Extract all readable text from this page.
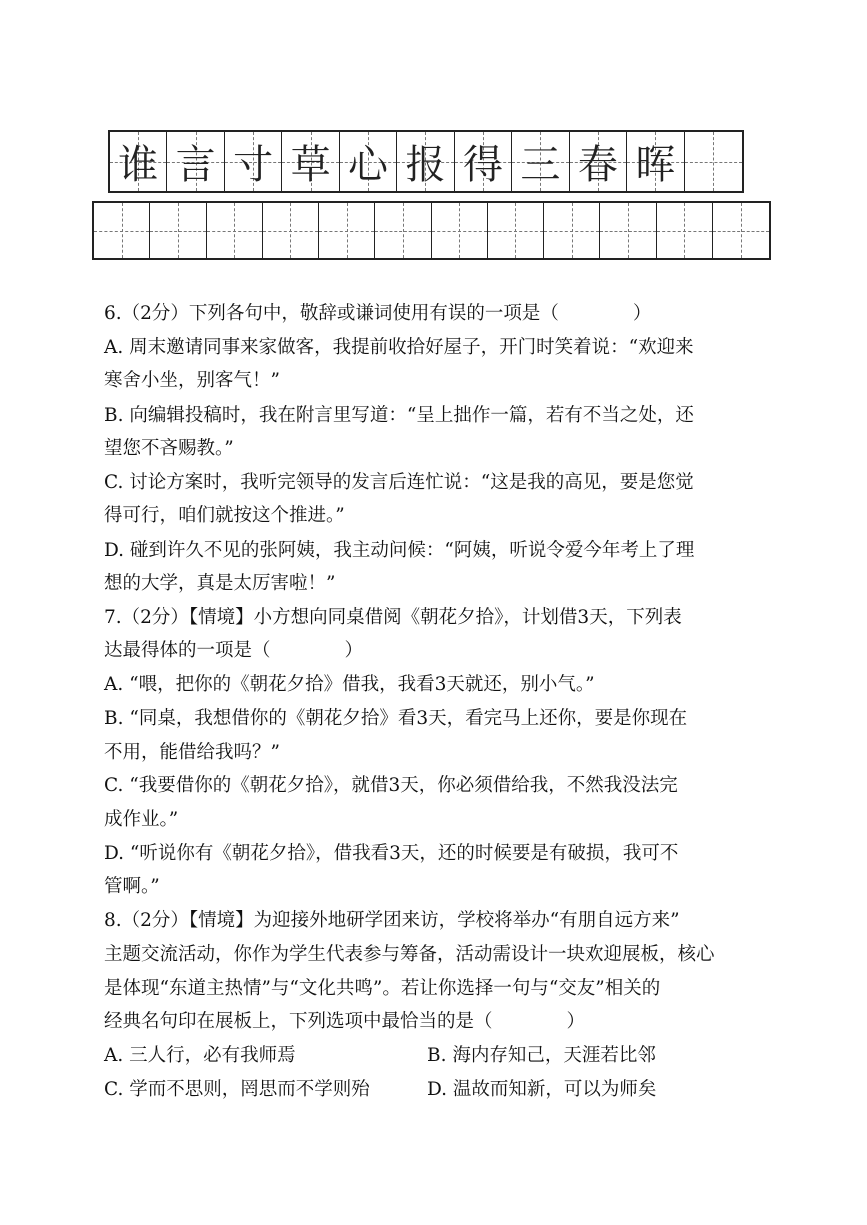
谁 言 寸 草 心 报 得 三 春 晖
6.（2分）下列各句中，敬辞或谦词使用有误的一项是（　　　　）
A. 周末邀请同事来家做客，我提前收拾好屋子，开门时笑着说：“欢迎来
寒舍小坐，别客气！”
B. 向编辑投稿时，我在附言里写道：“呈上拙作一篇，若有不当之处，还
望您不吝赐教。”
C. 讨论方案时，我听完领导的发言后连忙说：“这是我的高见，要是您觉
得可行，咱们就按这个推进。”
D. 碰到许久不见的张阿姨，我主动问候：“阿姨，听说令爱今年考上了理
想的大学，真是太厉害啦！”
7.（2分）【情境】小方想向同桌借阅《朝花夕拾》，计划借3天，下列表
达最得体的一项是（　　　　）
A. “喂，把你的《朝花夕拾》借我，我看3天就还，别小气。”
B. “同桌，我想借你的《朝花夕拾》看3天，看完马上还你，要是你现在
不用，能借给我吗？”
C. “我要借你的《朝花夕拾》，就借3天，你必须借给我，不然我没法完
成作业。”
D. “听说你有《朝花夕拾》，借我看3天，还的时候要是有破损，我可不
管啊。”
8.（2分）【情境】为迎接外地研学团来访，学校将举办“有朋自远方来”
主题交流活动，你作为学生代表参与筹备，活动需设计一块欢迎展板，核心
是体现“东道主热情”与“文化共鸣”。若让你选择一句与“交友”相关的
经典名句印在展板上，下列选项中最恰当的是（　　　　）
A. 三人行，必有我师焉	B. 海内存知己，天涯若比邻
C. 学而不思则，罔思而不学则殆	D. 温故而知新，可以为师矣
